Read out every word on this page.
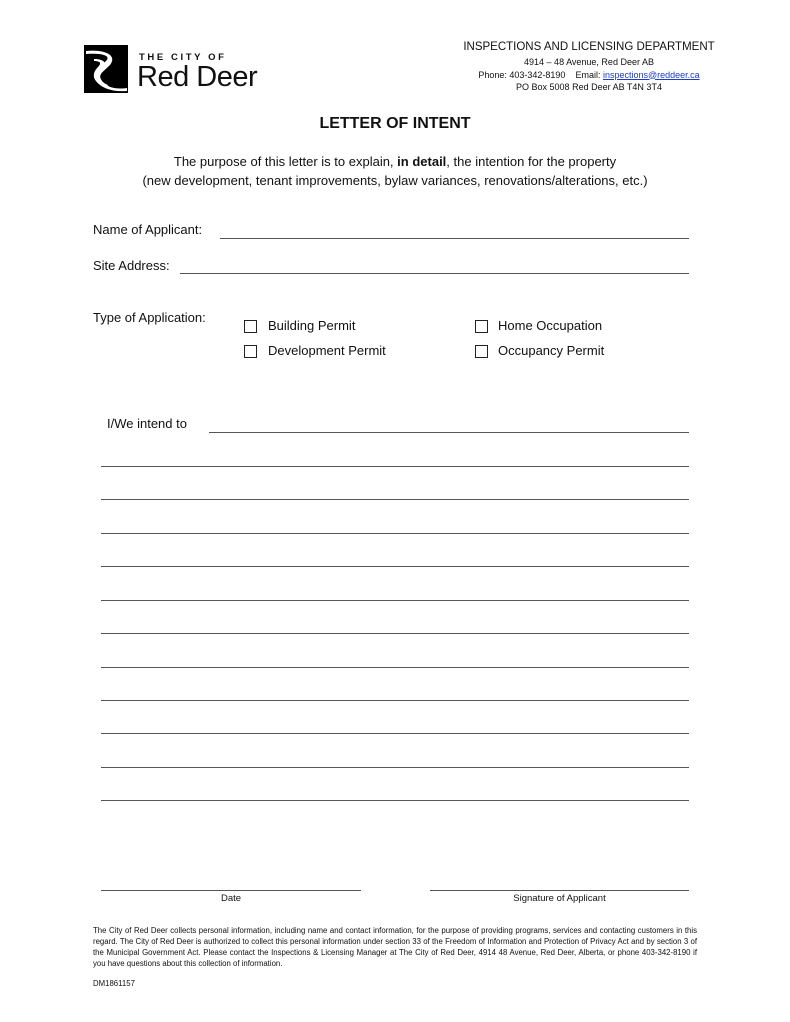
THE CITY OF
Red Deer
INSPECTIONS AND LICENSING DEPARTMENT
4914 – 48 Avenue, Red Deer AB
Phone: 403-342-8190 Email: inspections@reddeer.ca
PO Box 5008 Red Deer AB T4N 3T4
LETTER OF INTENT
The purpose of this letter is to explain, in detail, the intention for the property
(new development, tenant improvements, bylaw variances, renovations/alterations, etc.)
Name of Applicant:
Site Address:
Type of Application:
Building Permit	Home Occupation
Development Permit	Occupancy Permit
I/We intend to
Date	Signature of Applicant
The City of Red Deer collects personal information, including name and contact information, for the purpose of providing programs, services and contacting customers in this regard. The City of Red Deer is authorized to collect this personal information under section 33 of the Freedom of Information and Protection of Privacy Act and by section 3 of the Municipal Government Act. Please contact the Inspections & Licensing Manager at The City of Red Deer, 4914 48 Avenue, Red Deer, Alberta, or phone 403-342-8190 if you have questions about this collection of information.
DM1861157
